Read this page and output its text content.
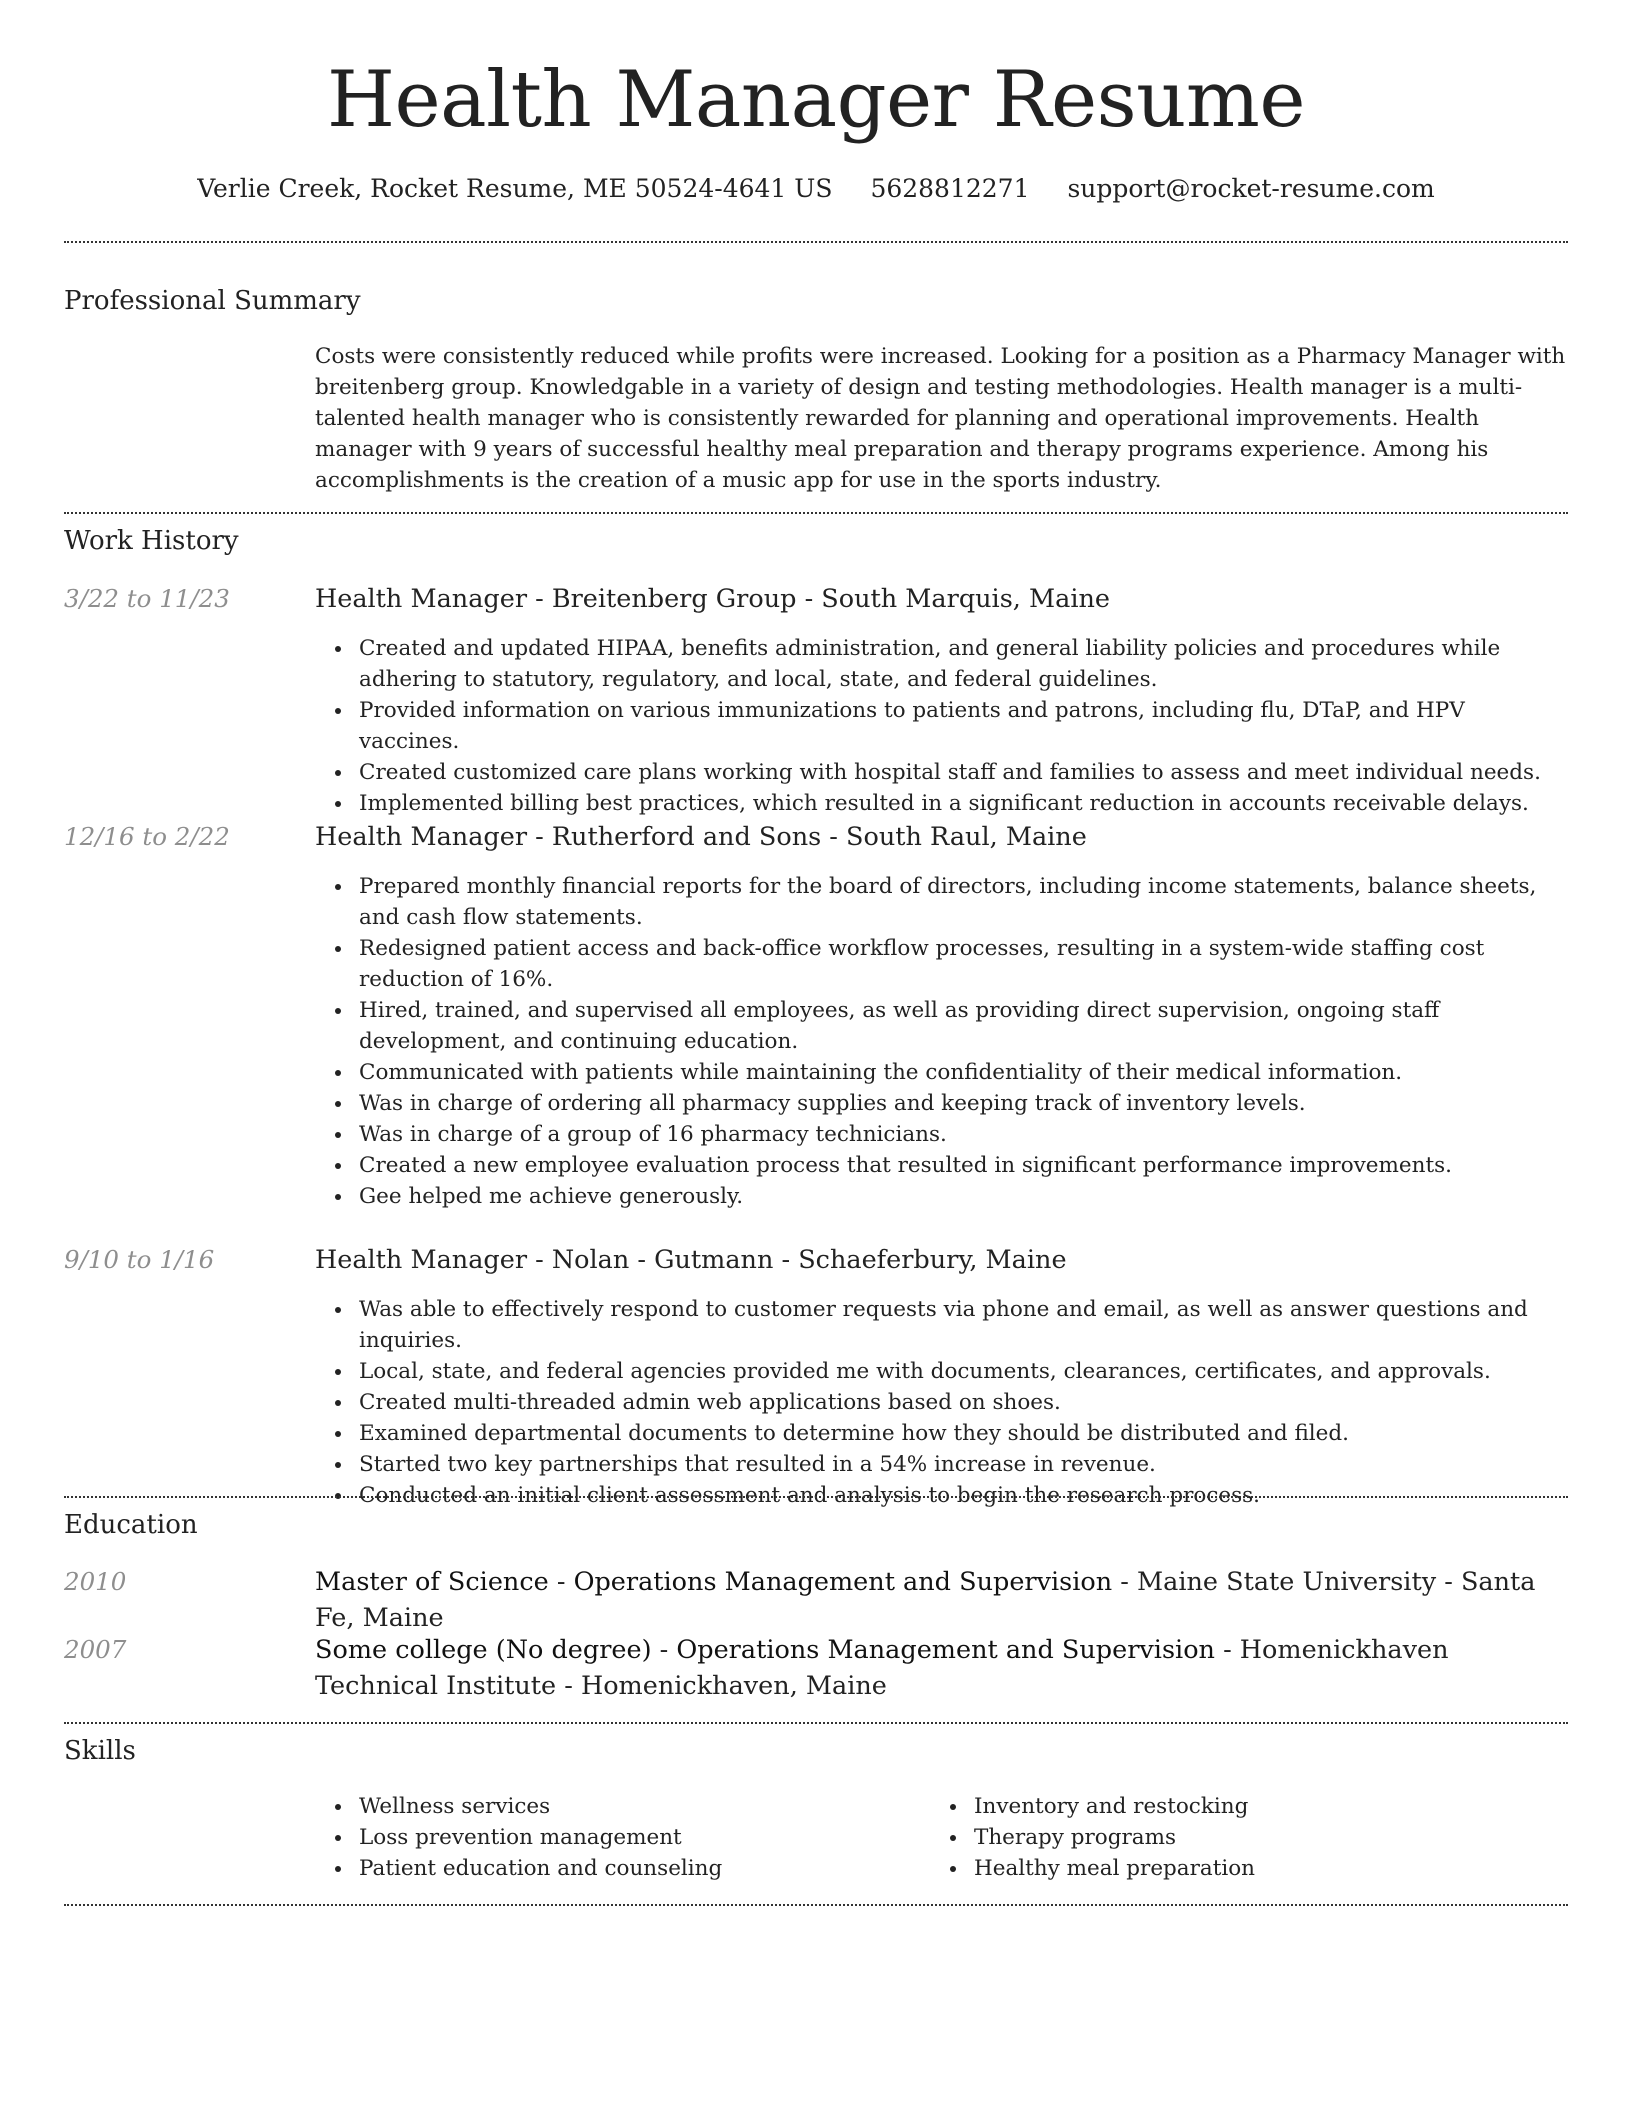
Health Manager Resume
Verlie Creek, Rocket Resume, ME 50524-4641 US 5628812271 support@rocket-resume.com
Professional Summary
Costs were consistently reduced while profits were increased. Looking for a position as a Pharmacy Manager with breitenberg group. Knowledgable in a variety of design and testing methodologies. Health manager is a multi-talented health manager who is consistently rewarded for planning and operational improvements. Health manager with 9 years of successful healthy meal preparation and therapy programs experience. Among his accomplishments is the creation of a music app for use in the sports industry.
Work History
3/22 to 11/23	Health Manager - Breitenberg Group - South Marquis, Maine
Created and updated HIPAA, benefits administration, and general liability policies and procedures while adhering to statutory, regulatory, and local, state, and federal guidelines.
Provided information on various immunizations to patients and patrons, including flu, DTaP, and HPV vaccines.
Created customized care plans working with hospital staff and families to assess and meet individual needs.
Implemented billing best practices, which resulted in a significant reduction in accounts receivable delays.
12/16 to 2/22	Health Manager - Rutherford and Sons - South Raul, Maine
Prepared monthly financial reports for the board of directors, including income statements, balance sheets, and cash flow statements.
Redesigned patient access and back-office workflow processes, resulting in a system-wide staffing cost reduction of 16%.
Hired, trained, and supervised all employees, as well as providing direct supervision, ongoing staff development, and continuing education.
Communicated with patients while maintaining the confidentiality of their medical information.
Was in charge of ordering all pharmacy supplies and keeping track of inventory levels.
Was in charge of a group of 16 pharmacy technicians.
Created a new employee evaluation process that resulted in significant performance improvements.
Gee helped me achieve generously.
9/10 to 1/16	Health Manager - Nolan - Gutmann - Schaeferbury, Maine
Was able to effectively respond to customer requests via phone and email, as well as answer questions and inquiries.
Local, state, and federal agencies provided me with documents, clearances, certificates, and approvals.
Created multi-threaded admin web applications based on shoes.
Examined departmental documents to determine how they should be distributed and filed.
Started two key partnerships that resulted in a 54% increase in revenue.
Conducted an initial client assessment and analysis to begin the research process.
Education
2010	Master of Science - Operations Management and Supervision - Maine State University - Santa Fe, Maine
2007	Some college (No degree) - Operations Management and Supervision - Homenickhaven Technical Institute - Homenickhaven, Maine
Skills
Wellness services
Loss prevention management
Patient education and counseling
Inventory and restocking
Therapy programs
Healthy meal preparation
